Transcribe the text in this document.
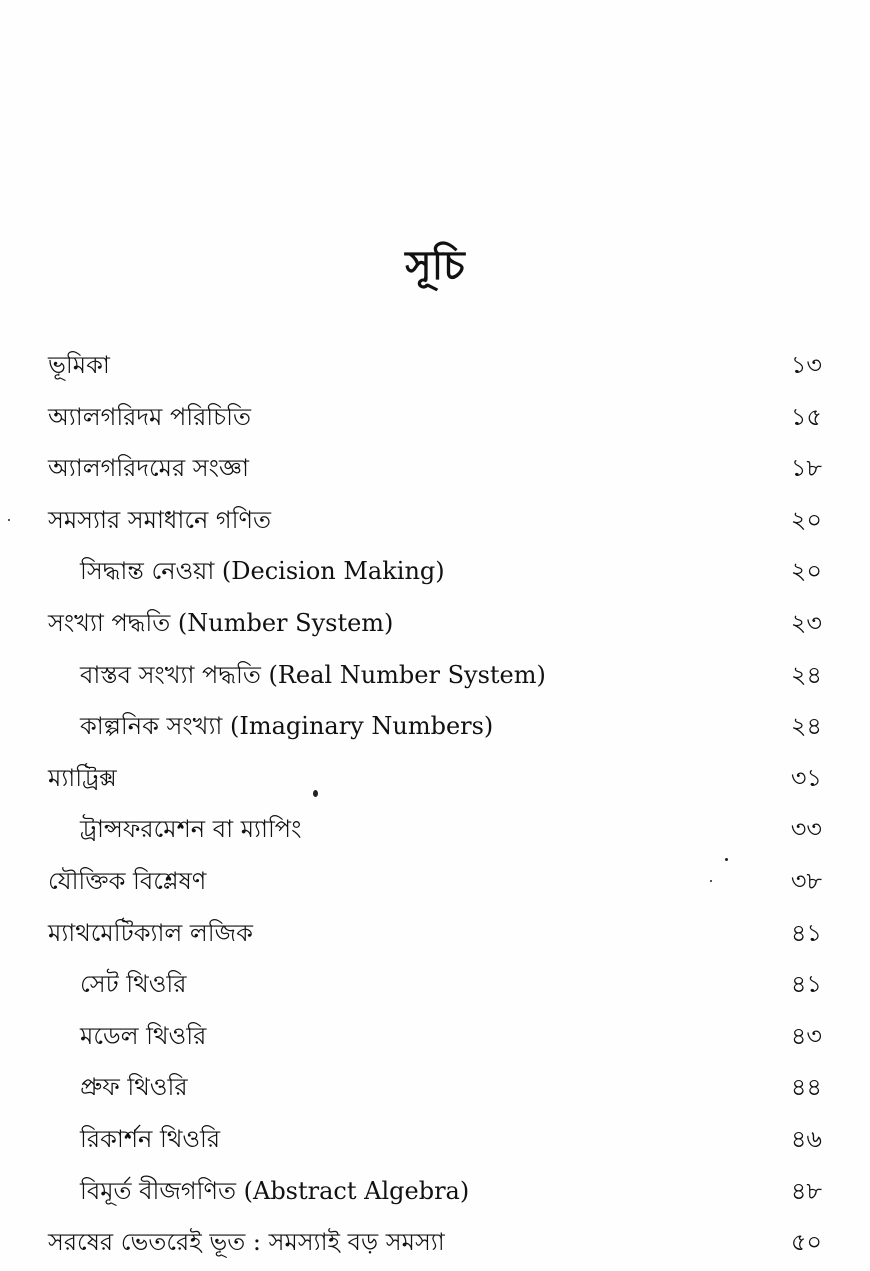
সূচি
ভূমিকা	১৩
অ্যালগরিদম পরিচিতি	১৫
অ্যালগরিদমের সংজ্ঞা	১৮
সমস্যার সমাধানে গণিত	২০
সিদ্ধান্ত নেওয়া (Decision Making)	২০
সংখ্যা পদ্ধতি (Number System)	২৩
বাস্তব সংখ্যা পদ্ধতি (Real Number System)	২৪
কাল্পনিক সংখ্যা (Imaginary Numbers)	২৪
ম্যাট্রিক্স	৩১
ট্রান্সফরমেশন বা ম্যাপিং	৩৩
যৌক্তিক বিশ্লেষণ	৩৮
ম্যাথমেটিক্যাল লজিক	৪১
সেট থিওরি	৪১
মডেল থিওরি	৪৩
প্রুফ থিওরি	৪৪
রিকার্শন থিওরি	৪৬
বিমূর্ত বীজগণিত (Abstract Algebra)	৪৮
সরষের ভেতরেই ভূত : সমস্যাই বড় সমস্যা	৫০
